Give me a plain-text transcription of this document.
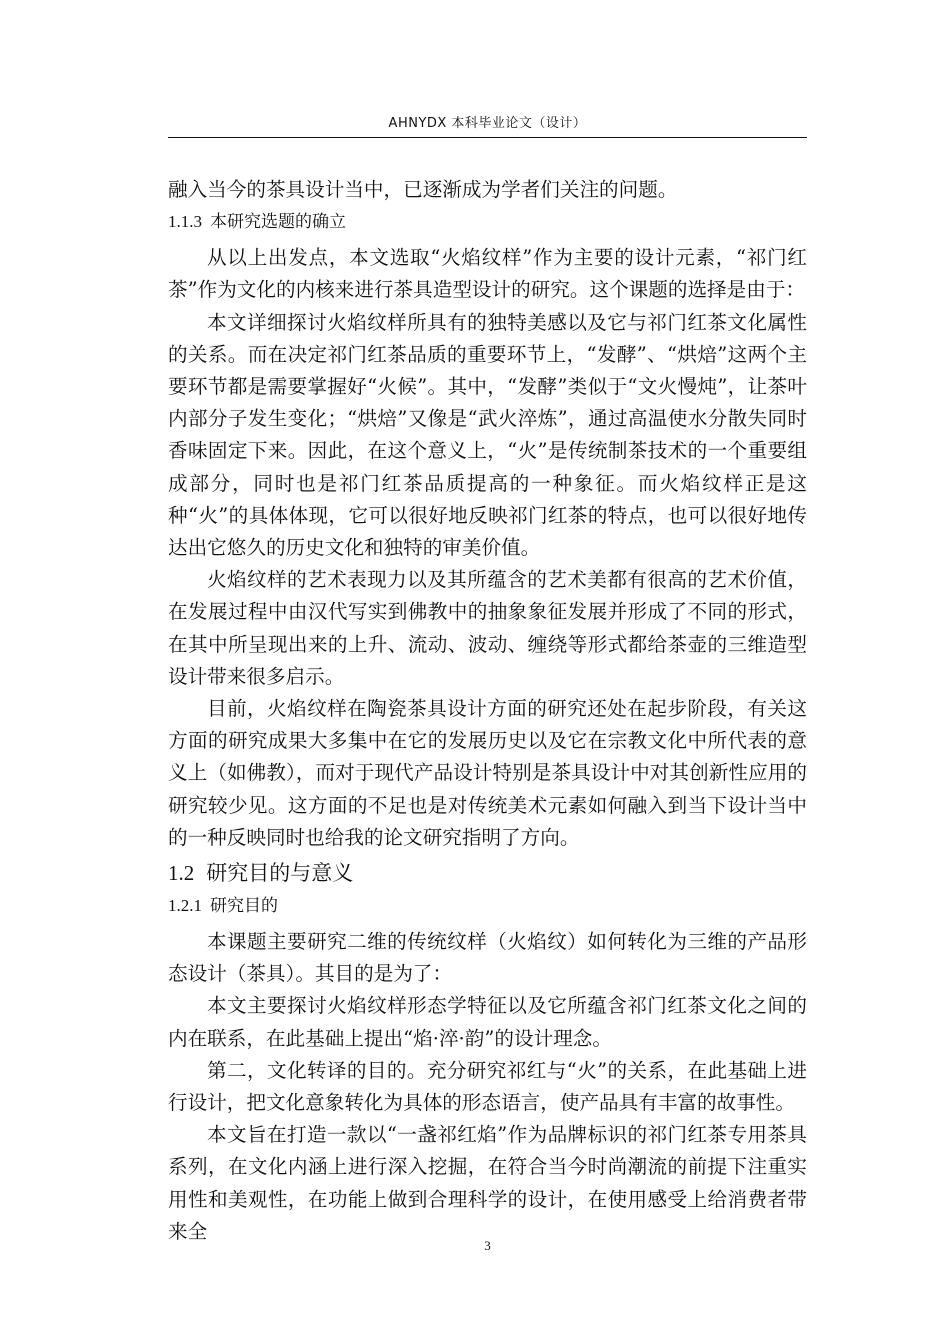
AHNYDX 本科毕业论文（设计）

融入当今的茶具设计当中，已逐渐成为学者们关注的问题。

1.1.3 本研究选题的确立

从以上出发点，本文选取“火焰纹样”作为主要的设计元素，“祁门红茶”作为文化的内核来进行茶具造型设计的研究。这个课题的选择是由于：

本文详细探讨火焰纹样所具有的独特美感以及它与祁门红茶文化属性的关系。而在决定祁门红茶品质的重要环节上，“发酵”、“烘焙”这两个主要环节都是需要掌握好“火候”。其中，“发酵”类似于“文火慢炖”，让茶叶内部分子发生变化；“烘焙”又像是“武火淬炼”，通过高温使水分散失同时香味固定下来。因此，在这个意义上，“火”是传统制茶技术的一个重要组成部分，同时也是祁门红茶品质提高的一种象征。而火焰纹样正是这种“火”的具体体现，它可以很好地反映祁门红茶的特点，也可以很好地传达出它悠久的历史文化和独特的审美价值。

火焰纹样的艺术表现力以及其所蕴含的艺术美都有很高的艺术价值，在发展过程中由汉代写实到佛教中的抽象象征发展并形成了不同的形式，在其中所呈现出来的上升、流动、波动、缠绕等形式都给茶壶的三维造型设计带来很多启示。

目前，火焰纹样在陶瓷茶具设计方面的研究还处在起步阶段，有关这方面的研究成果大多集中在它的发展历史以及它在宗教文化中所代表的意义上（如佛教），而对于现代产品设计特别是茶具设计中对其创新性应用的研究较少见。这方面的不足也是对传统美术元素如何融入到当下设计当中的一种反映同时也给我的论文研究指明了方向。

1.2 研究目的与意义
1.2.1 研究目的

本课题主要研究二维的传统纹样（火焰纹）如何转化为三维的产品形态设计（茶具）。其目的是为了：

本文主要探讨火焰纹样形态学特征以及它所蕴含祁门红茶文化之间的内在联系，在此基础上提出“焰·淬·韵”的设计理念。

第二，文化转译的目的。充分研究祁红与“火”的关系，在此基础上进行设计，把文化意象转化为具体的形态语言，使产品具有丰富的故事性。

本文旨在打造一款以“一盏祁红焰”作为品牌标识的祁门红茶专用茶具系列，在文化内涵上进行深入挖掘，在符合当今时尚潮流的前提下注重实用性和美观性，在功能上做到合理科学的设计，在使用感受上给消费者带来全

3
